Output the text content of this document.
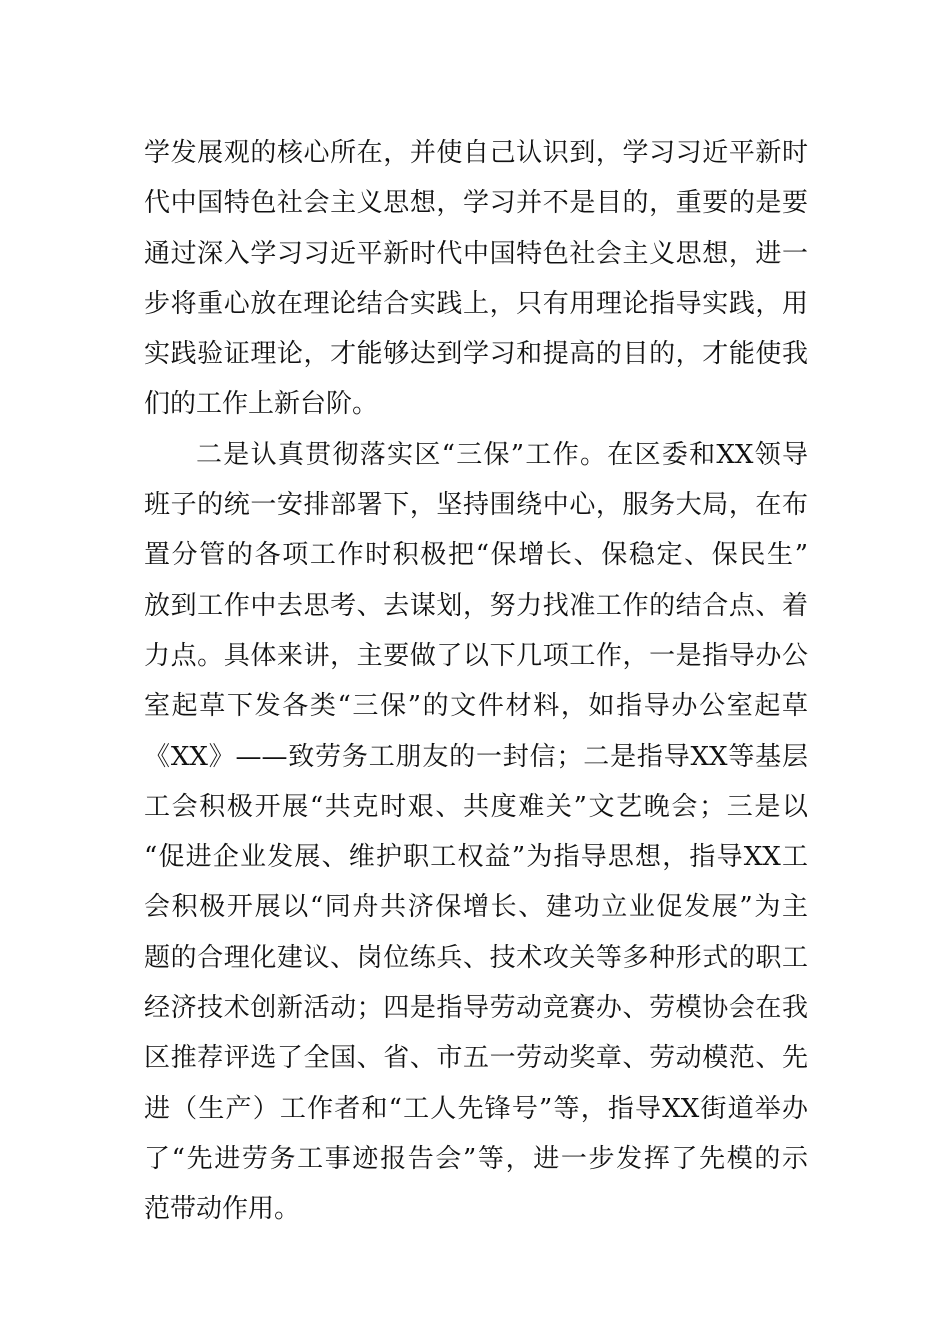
学发展观的核心所在，并使自己认识到，学习习近平新时
代中国特色社会主义思想，学习并不是目的，重要的是要
通过深入学习习近平新时代中国特色社会主义思想，进一
步将重心放在理论结合实践上，只有用理论指导实践，用
实践验证理论，才能够达到学习和提高的目的，才能使我
们的工作上新台阶。
二是认真贯彻落实区“三保”工作。在区委和XX领导
班子的统一安排部署下，坚持围绕中心，服务大局，在布
置分管的各项工作时积极把“保增长、保稳定、保民生”
放到工作中去思考、去谋划，努力找准工作的结合点、着
力点。具体来讲，主要做了以下几项工作，一是指导办公
室起草下发各类“三保”的文件材料，如指导办公室起草
《XX》——致劳务工朋友的一封信；二是指导XX等基层
工会积极开展“共克时艰、共度难关”文艺晚会；三是以
“促进企业发展、维护职工权益”为指导思想，指导XX工
会积极开展以“同舟共济保增长、建功立业促发展”为主
题的合理化建议、岗位练兵、技术攻关等多种形式的职工
经济技术创新活动；四是指导劳动竞赛办、劳模协会在我
区推荐评选了全国、省、市五一劳动奖章、劳动模范、先
进（生产）工作者和“工人先锋号”等，指导XX街道举办
了“先进劳务工事迹报告会”等，进一步发挥了先模的示
范带动作用。
